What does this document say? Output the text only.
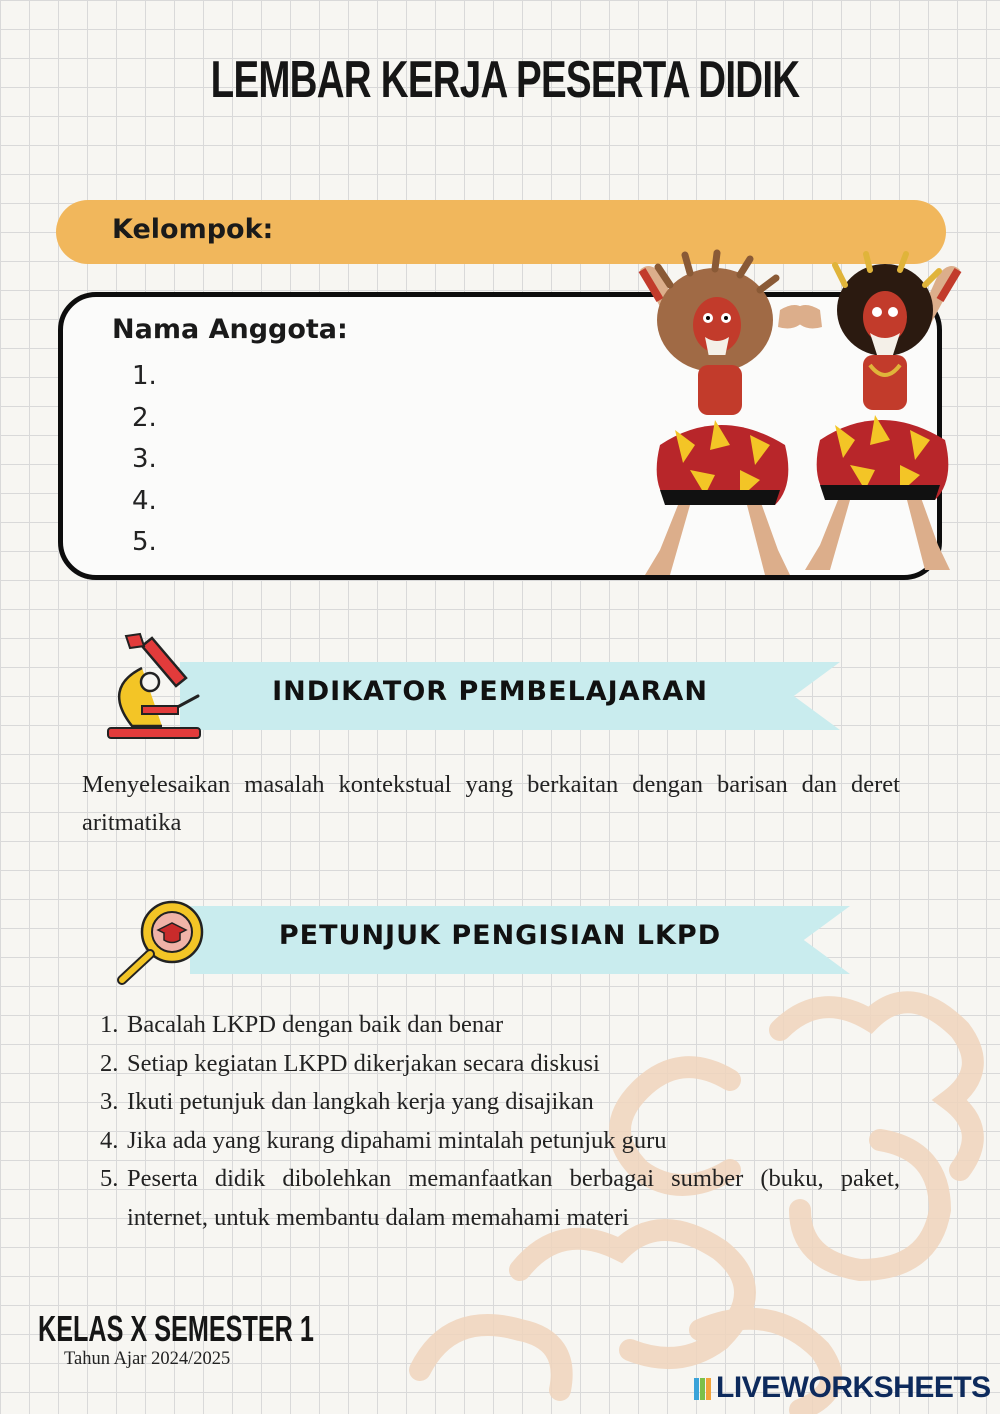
LEMBAR KERJA PESERTA DIDIK
Kelompok:
Nama Anggota:
1.
2.
3.
4.
5.
INDIKATOR PEMBELAJARAN
Menyelesaikan masalah kontekstual yang berkaitan dengan barisan dan deret aritmatika
PETUNJUK PENGISIAN LKPD
1. Bacalah LKPD dengan baik dan benar
2. Setiap kegiatan LKPD dikerjakan secara diskusi
3. Ikuti petunjuk dan langkah kerja yang disajikan
4. Jika ada yang kurang dipahami mintalah petunjuk guru
5. Peserta didik dibolehkan memanfaatkan berbagai sumber (buku, paket, internet, untuk membantu dalam memahami materi
KELAS X SEMESTER 1
Tahun Ajar 2024/2025
LIVEWORKSHEETS
